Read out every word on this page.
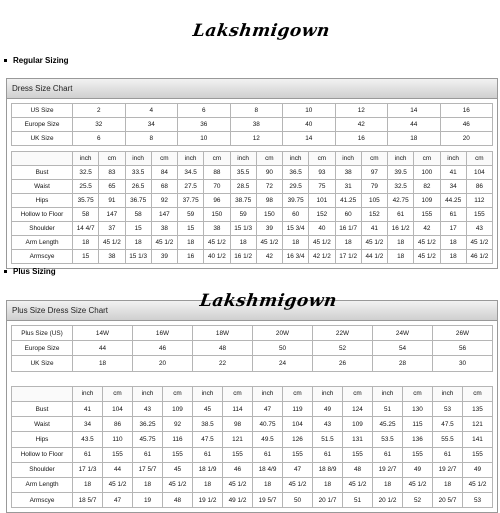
Lakshmigown
Regular Sizing
Dress Size Chart
US Size	2		4		6		8		10		12		14		16	
Europe Size	32		34		36		38		40		42		44		46	
UK Size	6		8		10		12		14		16		18		20	

	inch	cm	inch	cm	inch	cm	inch	cm	inch	cm	inch	cm	inch	cm	inch	cm
Bust	32.5	83	33.5	84	34.5	88	35.5	90	36.5	93	38	97	39.5	100	41	104
Waist	25.5	65	26.5	68	27.5	70	28.5	72	29.5	75	31	79	32.5	82	34	86
Hips	35.75	91	36.75	92	37.75	96	38.75	98	39.75	101	41.25	105	42.75	109	44.25	112
Hollow to Floor	58	147	58	147	59	150	59	150	60	152	60	152	61	155	61	155
Shoulder	14 4/7	37	15	38	15	38	15 1/3	39	15 3/4	40	16 1/7	41	16 1/2	42	17	43
Arm Length	18	45 1/2	18	45 1/2	18	45 1/2	18	45 1/2	18	45 1/2	18	45 1/2	18	45 1/2	18	45 1/2
Armscye	15	38	15 1/3	39	16	40 1/2	16 1/2	42	16 3/4	42 1/2	17 1/2	44 1/2	18	45 1/2	18	46 1/2
Plus Sizing
Plus Size Dress Size Chart
Plus Size (US)	14W		16W		18W		20W		22W		24W		26W	
Europe Size	44		46		48		50		52		54		56	
UK Size	18		20		22		24		26		28		30	

	inch	cm	inch	cm	inch	cm	inch	cm	inch	cm	inch	cm	inch	cm
Bust	41	104	43	109	45	114	47	119	49	124	51	130	53	135
Waist	34	86	36.25	92	38.5	98	40.75	104	43	109	45.25	115	47.5	121
Hips	43.5	110	45.75	116	47.5	121	49.5	126	51.5	131	53.5	136	55.5	141
Hollow to Floor	61	155	61	155	61	155	61	155	61	155	61	155	61	155
Shoulder	17 1/3	44	17 5/7	45	18 1/9	46	18 4/9	47	18 8/9	48	19 2/7	49	19 2/7	49
Arm Length	18	45 1/2	18	45 1/2	18	45 1/2	18	45 1/2	18	45 1/2	18	45 1/2	18	45 1/2
Armscye	18 5/7	47	19	48	19 1/2	49 1/2	19 5/7	50	20 1/7	51	20 1/2	52	20 5/7	53
Lakshmigown
